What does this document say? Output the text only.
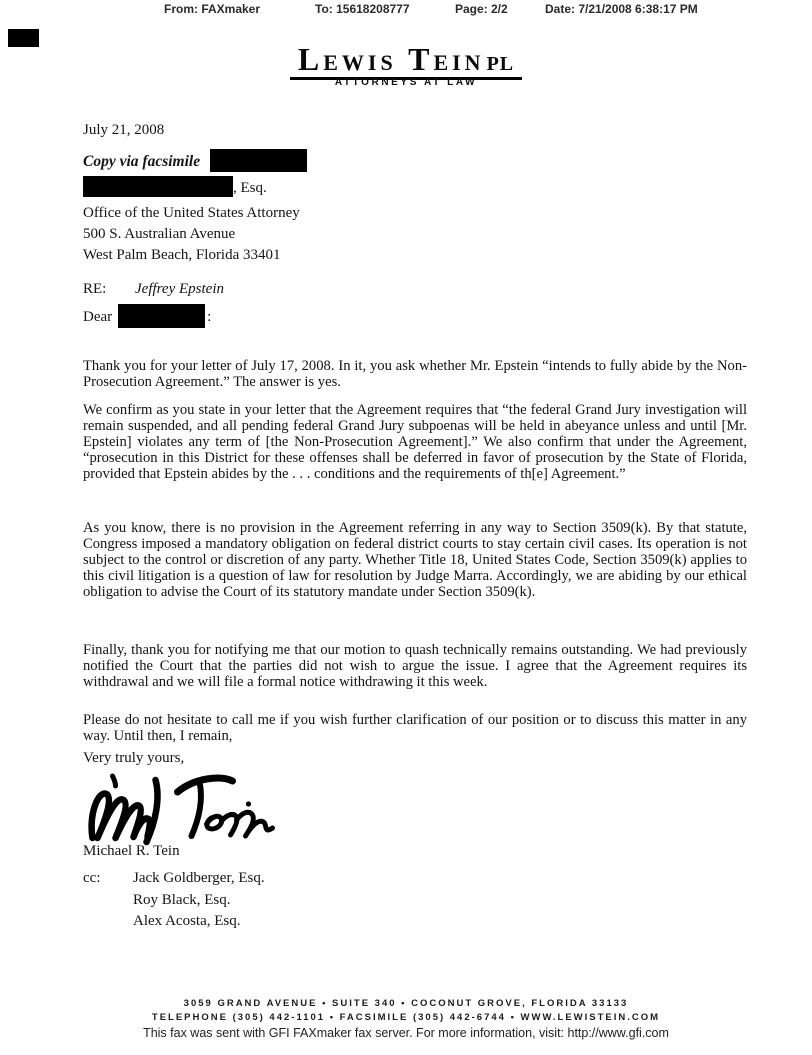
From: FAXmaker	To: 15618208777	Page: 2/2	Date: 7/21/2008 6:38:17 PM
Lewis Tein PL
ATTORNEYS AT LAW
July 21, 2008
Copy via facsimile
, Esq.
Office of the United States Attorney
500 S. Australian Avenue
West Palm Beach, Florida 33401
RE: Jeffrey Epstein
Dear	:

Thank you for your letter of July 17, 2008. In it, you ask whether Mr. Epstein “intends to fully abide by the Non-Prosecution Agreement.” The answer is yes.

We confirm as you state in your letter that the Agreement requires that “the federal Grand Jury investigation will remain suspended, and all pending federal Grand Jury subpoenas will be held in abeyance unless and until [Mr. Epstein] violates any term of [the Non-Prosecution Agreement].” We also confirm that under the Agreement, “prosecution in this District for these offenses shall be deferred in favor of prosecution by the State of Florida, provided that Epstein abides by the . . . conditions and the requirements of th[e] Agreement.”

As you know, there is no provision in the Agreement referring in any way to Section 3509(k). By that statute, Congress imposed a mandatory obligation on federal district courts to stay certain civil cases. Its operation is not subject to the control or discretion of any party. Whether Title 18, United States Code, Section 3509(k) applies to this civil litigation is a question of law for resolution by Judge Marra. Accordingly, we are abiding by our ethical obligation to advise the Court of its statutory mandate under Section 3509(k).

Finally, thank you for notifying me that our motion to quash technically remains outstanding. We had previously notified the Court that the parties did not wish to argue the issue. I agree that the Agreement requires its withdrawal and we will file a formal notice withdrawing it this week.

Please do not hesitate to call me if you wish further clarification of our position or to discuss this matter in any way. Until then, I remain,

Very truly yours,
Michael R. Tein
cc:	Jack Goldberger, Esq.
Roy Black, Esq.
Alex Acosta, Esq.
3059 GRAND AVENUE • SUITE 340 • COCONUT GROVE, FLORIDA 33133
TELEPHONE (305) 442-1101 • FACSIMILE (305) 442-6744 • WWW.LEWISTEIN.COM
This fax was sent with GFI FAXmaker fax server. For more information, visit: http://www.gfi.com
